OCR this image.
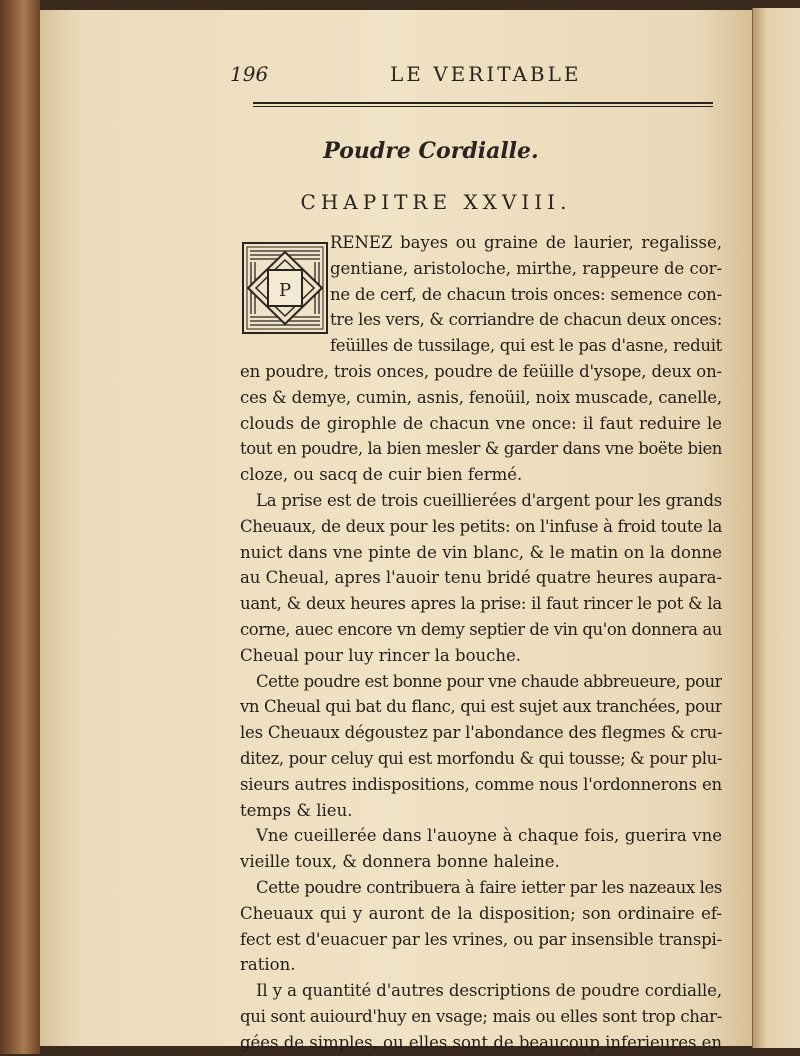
196	LE VERITABLE
Poudre Cordialle.
CHAPITRE XXVIII.
P
RENEZ bayes ou graine de laurier, regalisse,
gentiane, aristoloche, mirthe, rappeure de cor-
ne de cerf, de chacun trois onces: semence con-
tre les vers, & corriandre de chacun deux onces:
feüilles de tussilage, qui est le pas d'asne, reduit
en poudre, trois onces, poudre de feüille d'ysope, deux on-
ces & demye, cumin, asnis, fenoüil, noix muscade, canelle,
clouds de girophle de chacun vne once: il faut reduire le
tout en poudre, la bien mesler & garder dans vne boëte bien
cloze, ou sacq de cuir bien fermé.
La prise est de trois cueillierées d'argent pour les grands
Cheuaux, de deux pour les petits: on l'infuse à froid toute la
nuict dans vne pinte de vin blanc, & le matin on la donne
au Cheual, apres l'auoir tenu bridé quatre heures aupara-
uant, & deux heures apres la prise: il faut rincer le pot & la
corne, auec encore vn demy septier de vin qu'on donnera au
Cheual pour luy rincer la bouche.
Cette poudre est bonne pour vne chaude abbreueure, pour
vn Cheual qui bat du flanc, qui est sujet aux tranchées, pour
les Cheuaux dégoustez par l'abondance des flegmes & cru-
ditez, pour celuy qui est morfondu & qui tousse; & pour plu-
sieurs autres indispositions, comme nous l'ordonnerons en
temps & lieu.
Vne cueillerée dans l'auoyne à chaque fois, guerira vne
vieille toux, & donnera bonne haleine.
Cette poudre contribuera à faire ietter par les nazeaux les
Cheuaux qui y auront de la disposition; son ordinaire ef-
fect est d'euacuer par les vrines, ou par insensible transpi-
ration.
Il y a quantité d'autres descriptions de poudre cordialle,
qui sont auiourd'huy en vsage; mais ou elles sont trop char-
gées de simples, ou elles sont de beaucoup inferieures en
